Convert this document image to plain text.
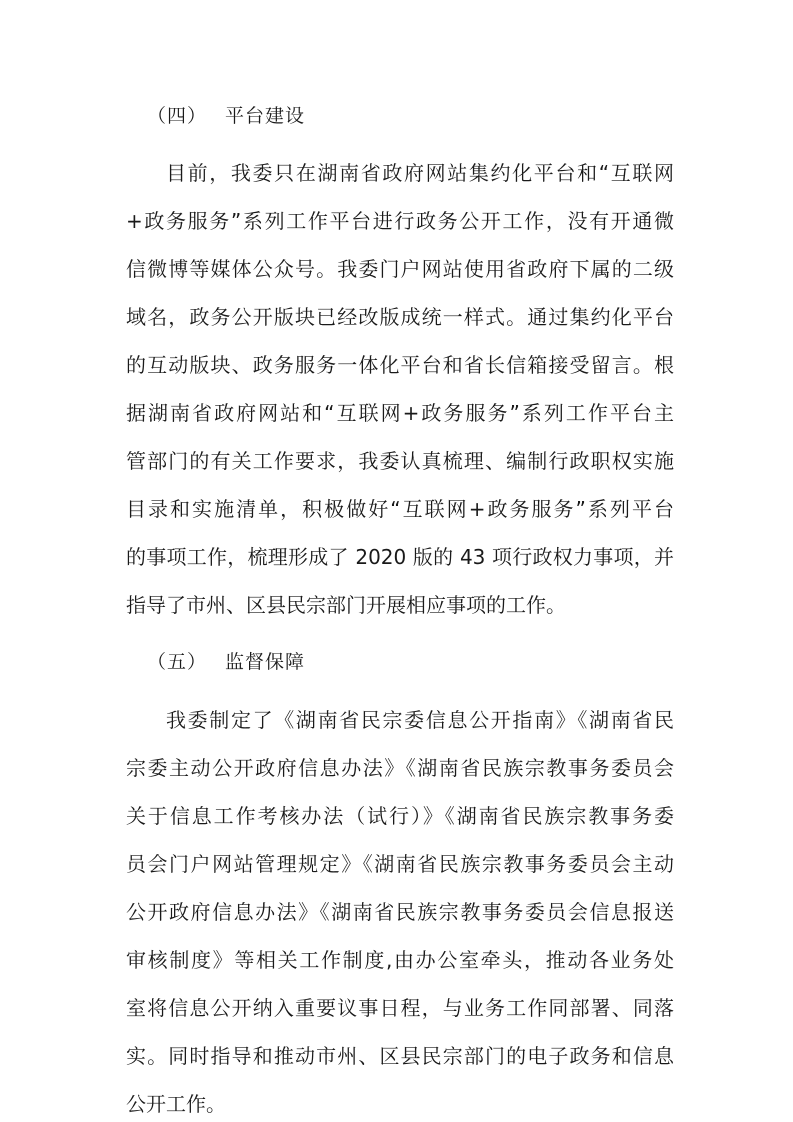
（四） 平台建设
目前，我委只在湖南省政府网站集约化平台和“互联网
+政务服务”系列工作平台进行政务公开工作，没有开通微
信微博等媒体公众号。我委门户网站使用省政府下属的二级
域名，政务公开版块已经改版成统一样式。通过集约化平台
的互动版块、政务服务一体化平台和省长信箱接受留言。根
据湖南省政府网站和“互联网+政务服务”系列工作平台主
管部门的有关工作要求，我委认真梳理、编制行政职权实施
目录和实施清单，积极做好“互联网+政务服务”系列平台
的事项工作，梳理形成了 2020 版的 43 项行政权力事项，并
指导了市州、区县民宗部门开展相应事项的工作。
（五） 监督保障
我委制定了《湖南省民宗委信息公开指南》《湖南省民
宗委主动公开政府信息办法》《湖南省民族宗教事务委员会
关于信息工作考核办法（试行）》《湖南省民族宗教事务委
员会门户网站管理规定》《湖南省民族宗教事务委员会主动
公开政府信息办法》《湖南省民族宗教事务委员会信息报送
审核制度》等相关工作制度,由办公室牵头，推动各业务处
室将信息公开纳入重要议事日程，与业务工作同部署、同落
实。同时指导和推动市州、区县民宗部门的电子政务和信息
公开工作。
